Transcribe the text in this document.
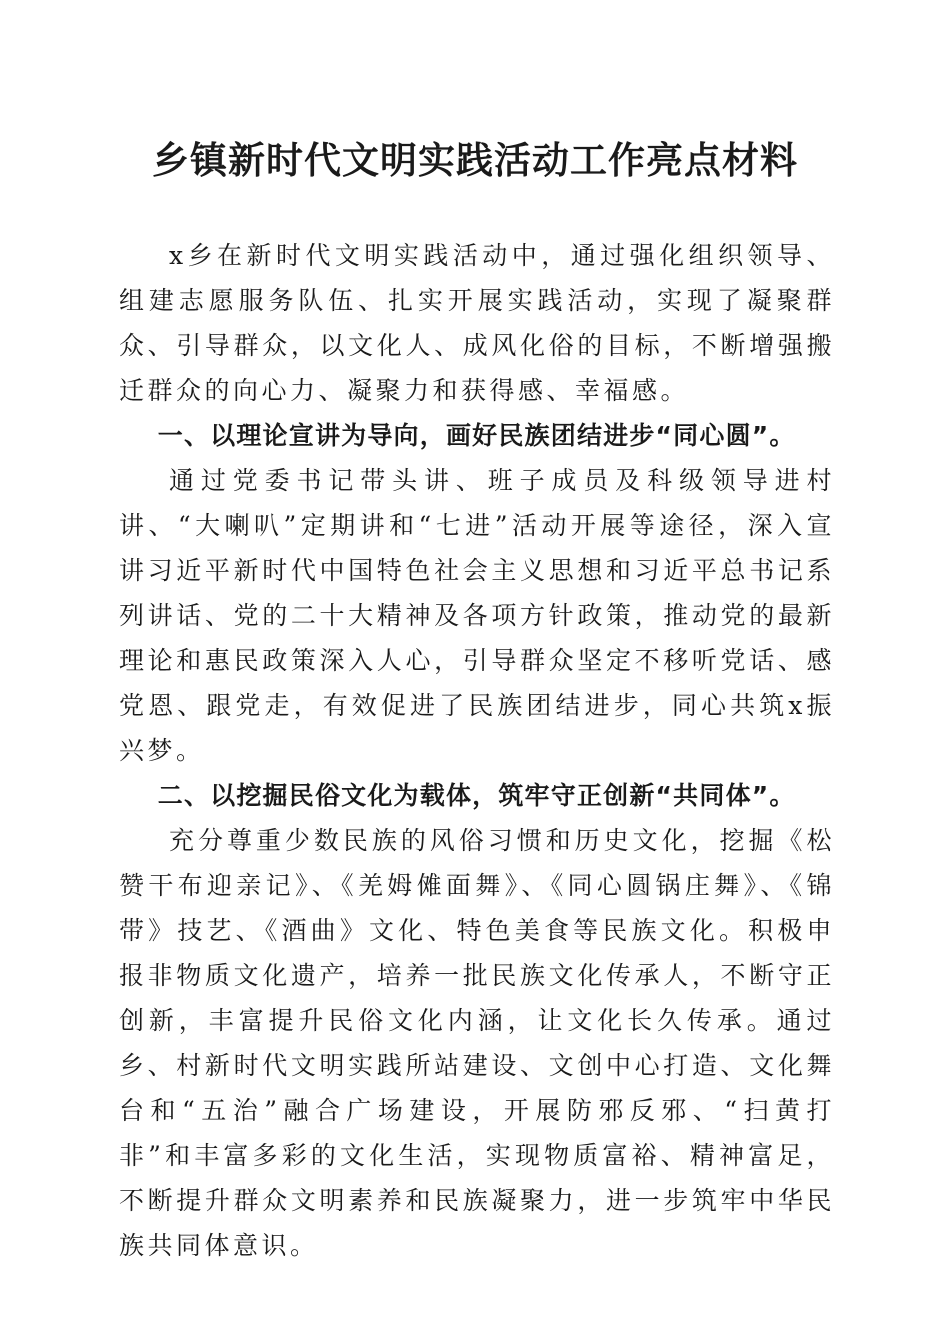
乡镇新时代文明实践活动工作亮点材料

x乡在新时代文明实践活动中，通过强化组织领导、组建志愿服务队伍、扎实开展实践活动，实现了凝聚群众、引导群众，以文化人、成风化俗的目标，不断增强搬迁群众的向心力、凝聚力和获得感、幸福感。

一、以理论宣讲为导向，画好民族团结进步“同心圆”。

通过党委书记带头讲、班子成员及科级领导进村讲、“大喇叭”定期讲和“七进”活动开展等途径，深入宣讲习近平新时代中国特色社会主义思想和习近平总书记系列讲话、党的二十大精神及各项方针政策，推动党的最新理论和惠民政策深入人心，引导群众坚定不移听党话、感党恩、跟党走，有效促进了民族团结进步，同心共筑x振兴梦。

二、以挖掘民俗文化为载体，筑牢守正创新“共同体”。

充分尊重少数民族的风俗习惯和历史文化，挖掘《松赞干布迎亲记》、《羌姆傩面舞》、《同心圆锅庄舞》、《锦带》技艺、《酒曲》文化、特色美食等民族文化。积极申报非物质文化遗产，培养一批民族文化传承人，不断守正创新，丰富提升民俗文化内涵，让文化长久传承。通过乡、村新时代文明实践所站建设、文创中心打造、文化舞台和“五治”融合广场建设，开展防邪反邪、“扫黄打非”和丰富多彩的文化生活，实现物质富裕、精神富足，不断提升群众文明素养和民族凝聚力，进一步筑牢中华民族共同体意识。
